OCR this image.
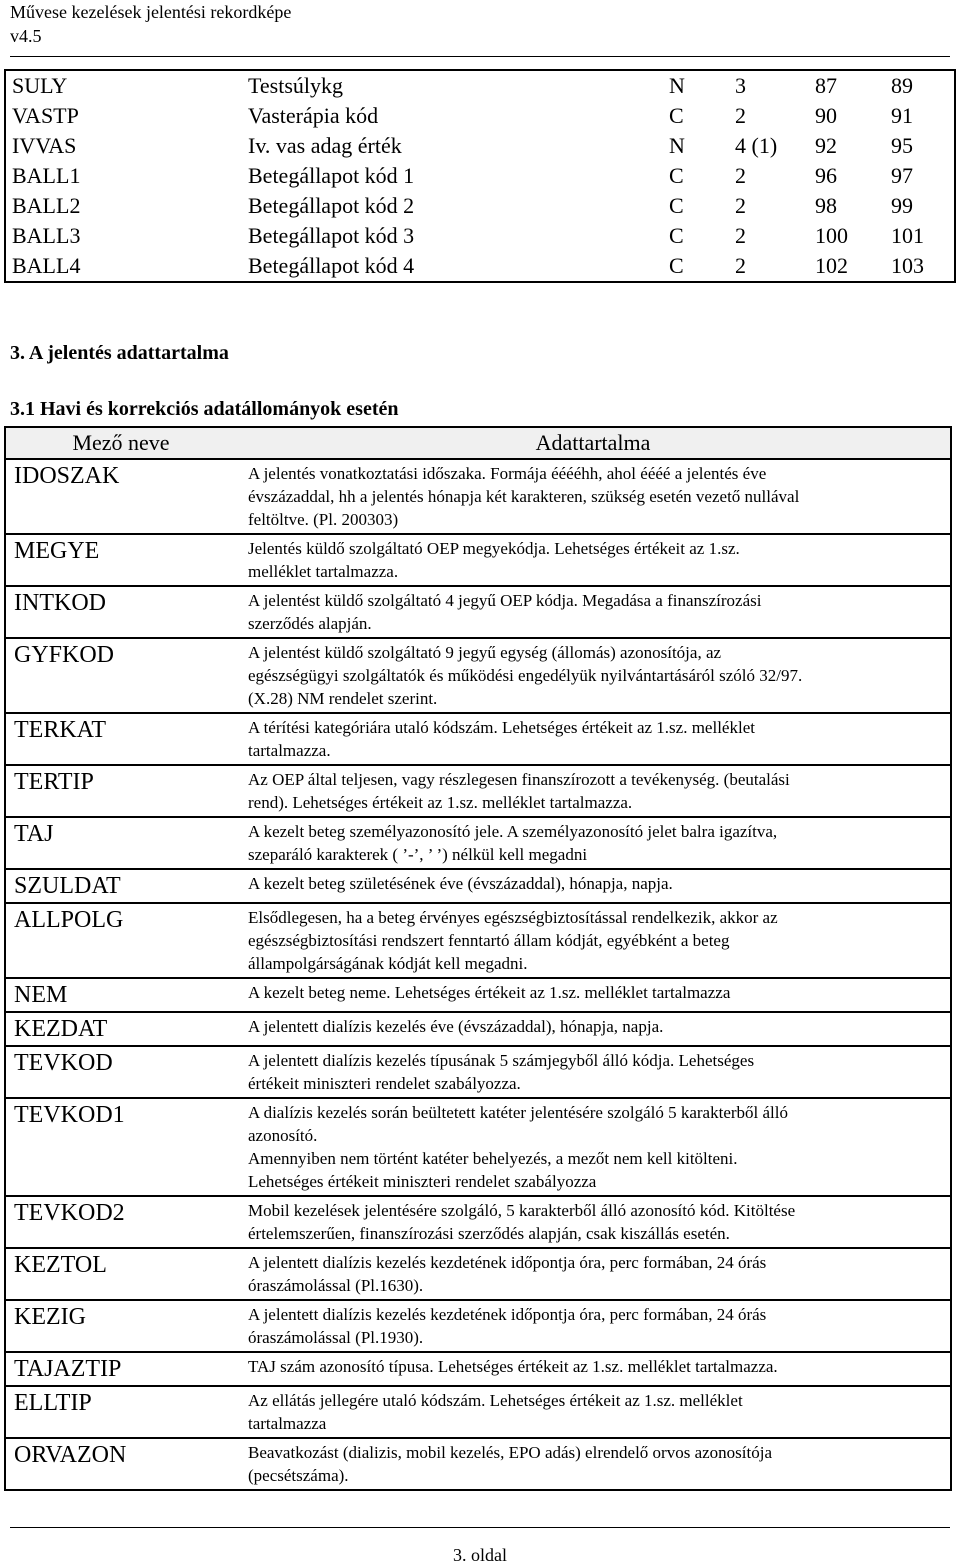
Művese kezelések jelentési rekordképe
v4.5
SULY	Testsúlykg	N	3	87	89
VASTP	Vasterápia kód	C	2	90	91
IVVAS	Iv. vas adag érték	N	4 (1)	92	95
BALL1	Betegállapot kód 1	C	2	96	97
BALL2	Betegállapot kód 2	C	2	98	99
BALL3	Betegállapot kód 3	C	2	100	101
BALL4	Betegállapot kód 4	C	2	102	103
3. A jelentés adattartalma
3.1 Havi és korrekciós adatállományok esetén
Mező neve	Adattartalma
IDOSZAK	A jelentés vonatkoztatási időszaka. Formája ééééhh, ahol éééé a jelentés éve
évszázaddal, hh a jelentés hónapja két karakteren, szükség esetén vezető nullával
feltöltve. (Pl. 200303)

MEGYE	Jelentés küldő szolgáltató OEP megyekódja. Lehetséges értékeit az 1.sz.
melléklet tartalmazza.

INTKOD	A jelentést küldő szolgáltató 4 jegyű OEP kódja. Megadása a finanszírozási
szerződés alapján.

GYFKOD	A jelentést küldő szolgáltató 9 jegyű egység (állomás) azonosítója, az
egészségügyi szolgáltatók és működési engedélyük nyilvántartásáról szóló 32/97.
(X.28) NM rendelet szerint.

TERKAT	A térítési kategóriára utaló kódszám. Lehetséges értékeit az 1.sz. melléklet
tartalmazza.

TERTIP	Az OEP által teljesen, vagy részlegesen finanszírozott a tevékenység. (beutalási
rend). Lehetséges értékeit az 1.sz. melléklet tartalmazza.

TAJ	A kezelt beteg személyazonosító jele. A személyazonosító jelet balra igazítva,
szeparáló karakterek ( ’-’, ’ ’) nélkül kell megadni

SZULDAT	A kezelt beteg születésének éve (évszázaddal), hónapja, napja.

ALLPOLG	Elsődlegesen, ha a beteg érvényes egészségbiztosítással rendelkezik, akkor az
egészségbiztosítási rendszert fenntartó állam kódját, egyébként a beteg
állampolgárságának kódját kell megadni.

NEM	A kezelt beteg neme. Lehetséges értékeit az 1.sz. melléklet tartalmazza

KEZDAT	A jelentett dialízis kezelés éve (évszázaddal), hónapja, napja.

TEVKOD	A jelentett dialízis kezelés típusának 5 számjegyből álló kódja. Lehetséges
értékeit miniszteri rendelet szabályozza.

TEVKOD1	A dialízis kezelés során beültetett katéter jelentésére szolgáló 5 karakterből álló
azonosító.
Amennyiben nem történt katéter behelyezés, a mezőt nem kell kitölteni.
Lehetséges értékeit miniszteri rendelet szabályozza

TEVKOD2	Mobil kezelések jelentésére szolgáló, 5 karakterből álló azonosító kód. Kitöltése
értelemszerűen, finanszírozási szerződés alapján, csak kiszállás esetén.

KEZTOL	A jelentett dialízis kezelés kezdetének időpontja óra, perc formában, 24 órás
óraszámolással (Pl.1630).

KEZIG	A jelentett dialízis kezelés kezdetének időpontja óra, perc formában, 24 órás
óraszámolással (Pl.1930).

TAJAZTIP	TAJ szám azonosító típusa. Lehetséges értékeit az 1.sz. melléklet tartalmazza.

ELLTIP	Az ellátás jellegére utaló kódszám. Lehetséges értékeit az 1.sz. melléklet
tartalmazza

ORVAZON	Beavatkozást (dializis, mobil kezelés, EPO adás) elrendelő orvos azonosítója
(pecsétszáma).
3. oldal
